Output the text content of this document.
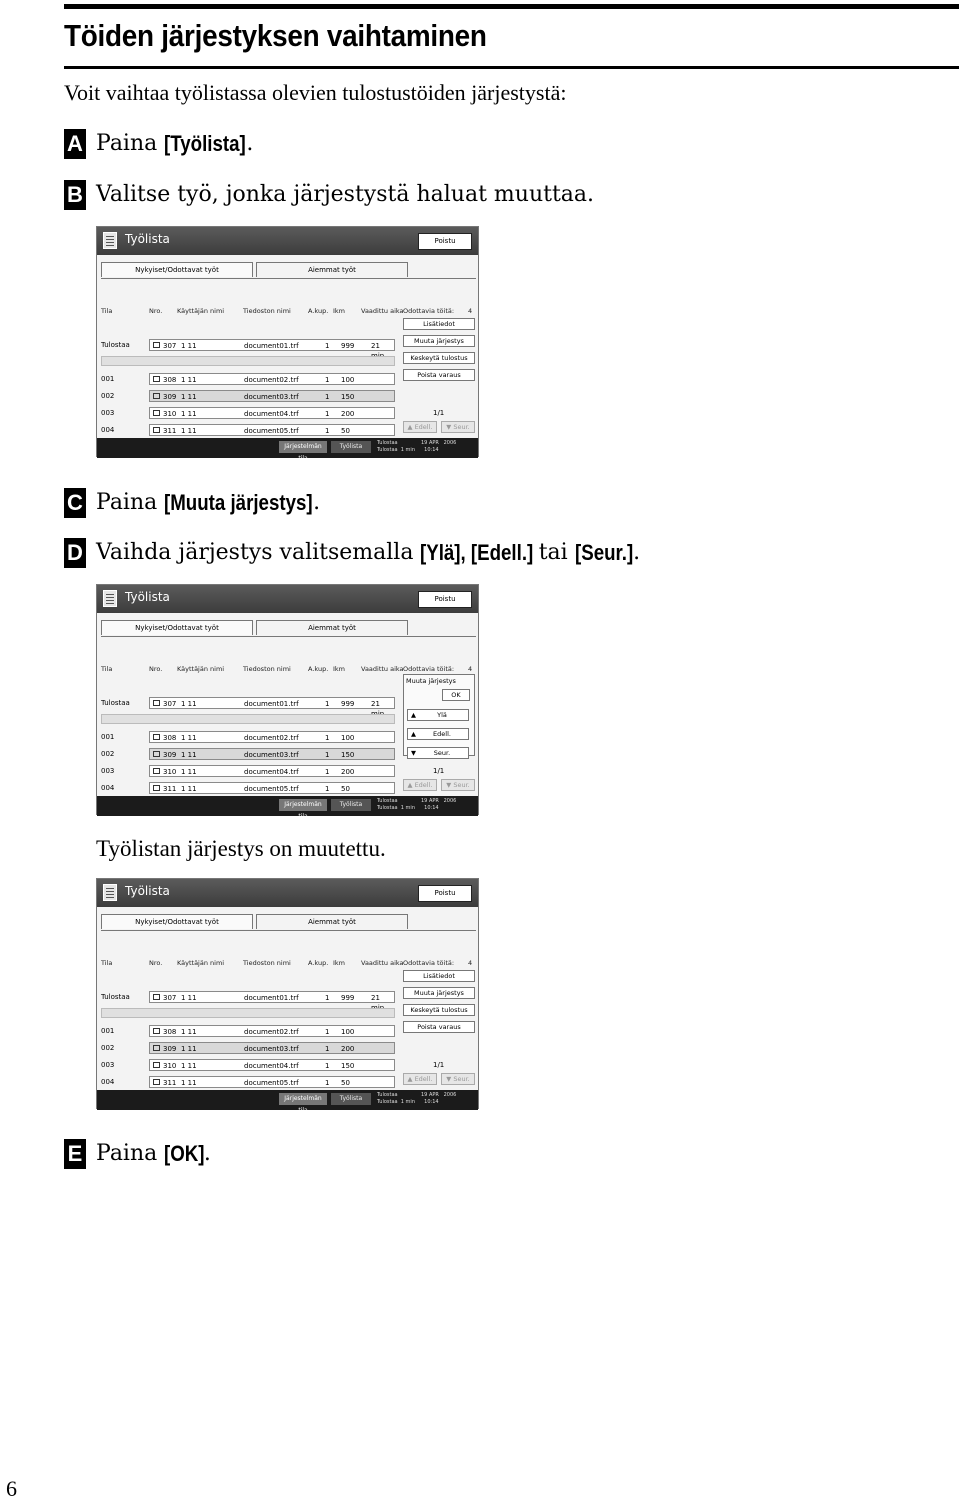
Töiden järjestyksen vaihtaminen
Voit vaihtaa työlistassa olevien tulostustöiden järjestystä:
A Paina [Työlista] .
B Valitse työ, jonka järjestystä haluat muuttaa.
Työlista	Poistu
Nykyiset/Odottavat työt	Aiemmat työt
Tila	Nro. Käyttäjän nimi	Tiedoston nimi	A.kup. Ikm Vaadittu aika Odottavia töitä: 4
Tulostaa	307 1 11	document01.trf	1 999 21
001	308 1 11	document02.trf	1 100
002	309 1 11	document03.trf	1 150
003	310 1 11	document04.trf	1 200
004	311 1 11	document05.trf	1 50
Lisätiedot
Muuta järjestys
Keskeytä tulostus
Poista varaus
1/1
▲ Edell.	▼ Seur.
Järjestelmän tila
Työlista	Tulostaa
Tulostaa  1 min
19 APR   2006
10:14
C Paina [Muuta järjestys] .
D Vaihda järjestys valitsemalla [Ylä], [Edell.]
tai [Seur.] .
Työlista	Poistu
Nykyiset/Odottavat työt	Aiemmat työt
Tila	Nro. Käyttäjän nimi	Tiedoston nimi	A.kup. Ikm Vaadittu aika Odottavia töitä: 4
Tulostaa	307 1 11	document01.trf	1 999 21
001	308 1 11	document02.trf	1 100
002	309 1 11	document03.trf	1 150
003	310 1 11	document04.trf	1 200
004	311 1 11	document05.trf	1 50
Muuta järjestys
OK
▲	Ylä
▲	Edell.
▼	Seur.
1/1
▲ Edell.	▼ Seur.
Järjestelmän tila
Työlista	Tulostaa
Tulostaa  1 min
19 APR   2006
10:14
Työlistan järjestys on muutettu.
Työlista	Poistu
Nykyiset/Odottavat työt	Aiemmat työt
Tila	Nro. Käyttäjän nimi	Tiedoston nimi	A.kup. Ikm Vaadittu aika Odottavia töitä: 4
Tulostaa	307 1 11	document01.trf	1 999 21
001	308 1 11	document02.trf	1 100
002	309 1 11	document03.trf	1 200
003	310 1 11	document04.trf	1 150
004	311 1 11	document05.trf	1 50
Lisätiedot
Muuta järjestys
Keskeytä tulostus
Poista varaus
1/1
▲ Edell.	▼ Seur.
Järjestelmän tila
Työlista	Tulostaa
Tulostaa  1 min
19 APR   2006
10:14
E Paina [OK] .
6
